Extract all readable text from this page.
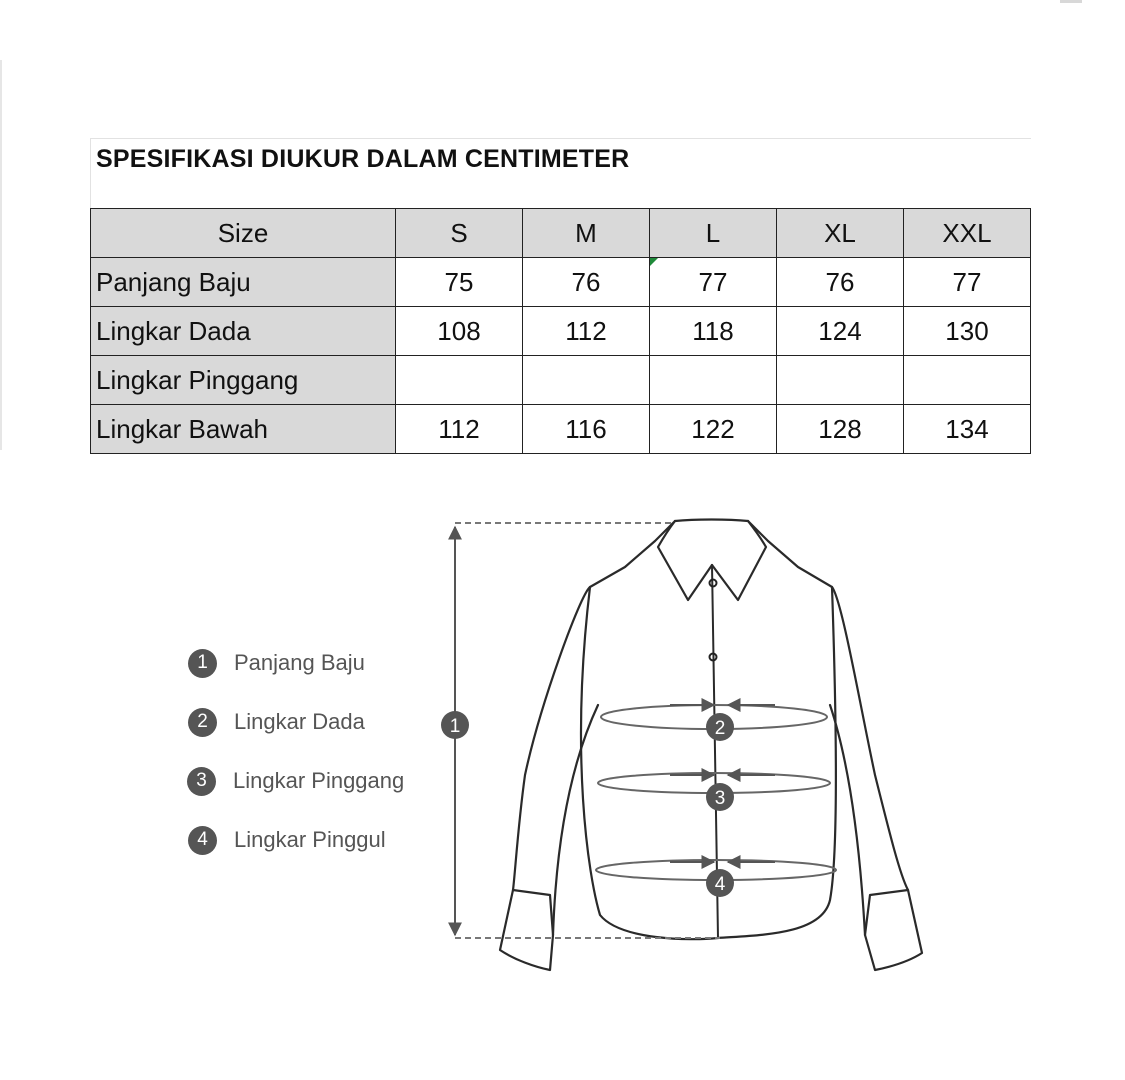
SPESIFIKASI DIUKUR DALAM CENTIMETER
Size	S	M	L	XL	XXL
Panjang Baju	75	76	77	76	77
Lingkar Dada	108	112	118	124	130
Lingkar Pinggang					
Lingkar Bawah	112	116	122	128	134
1	Panjang Baju
2	Lingkar Dada
3	Lingkar Pinggang
4	Lingkar Pinggul
1	2
3
4
